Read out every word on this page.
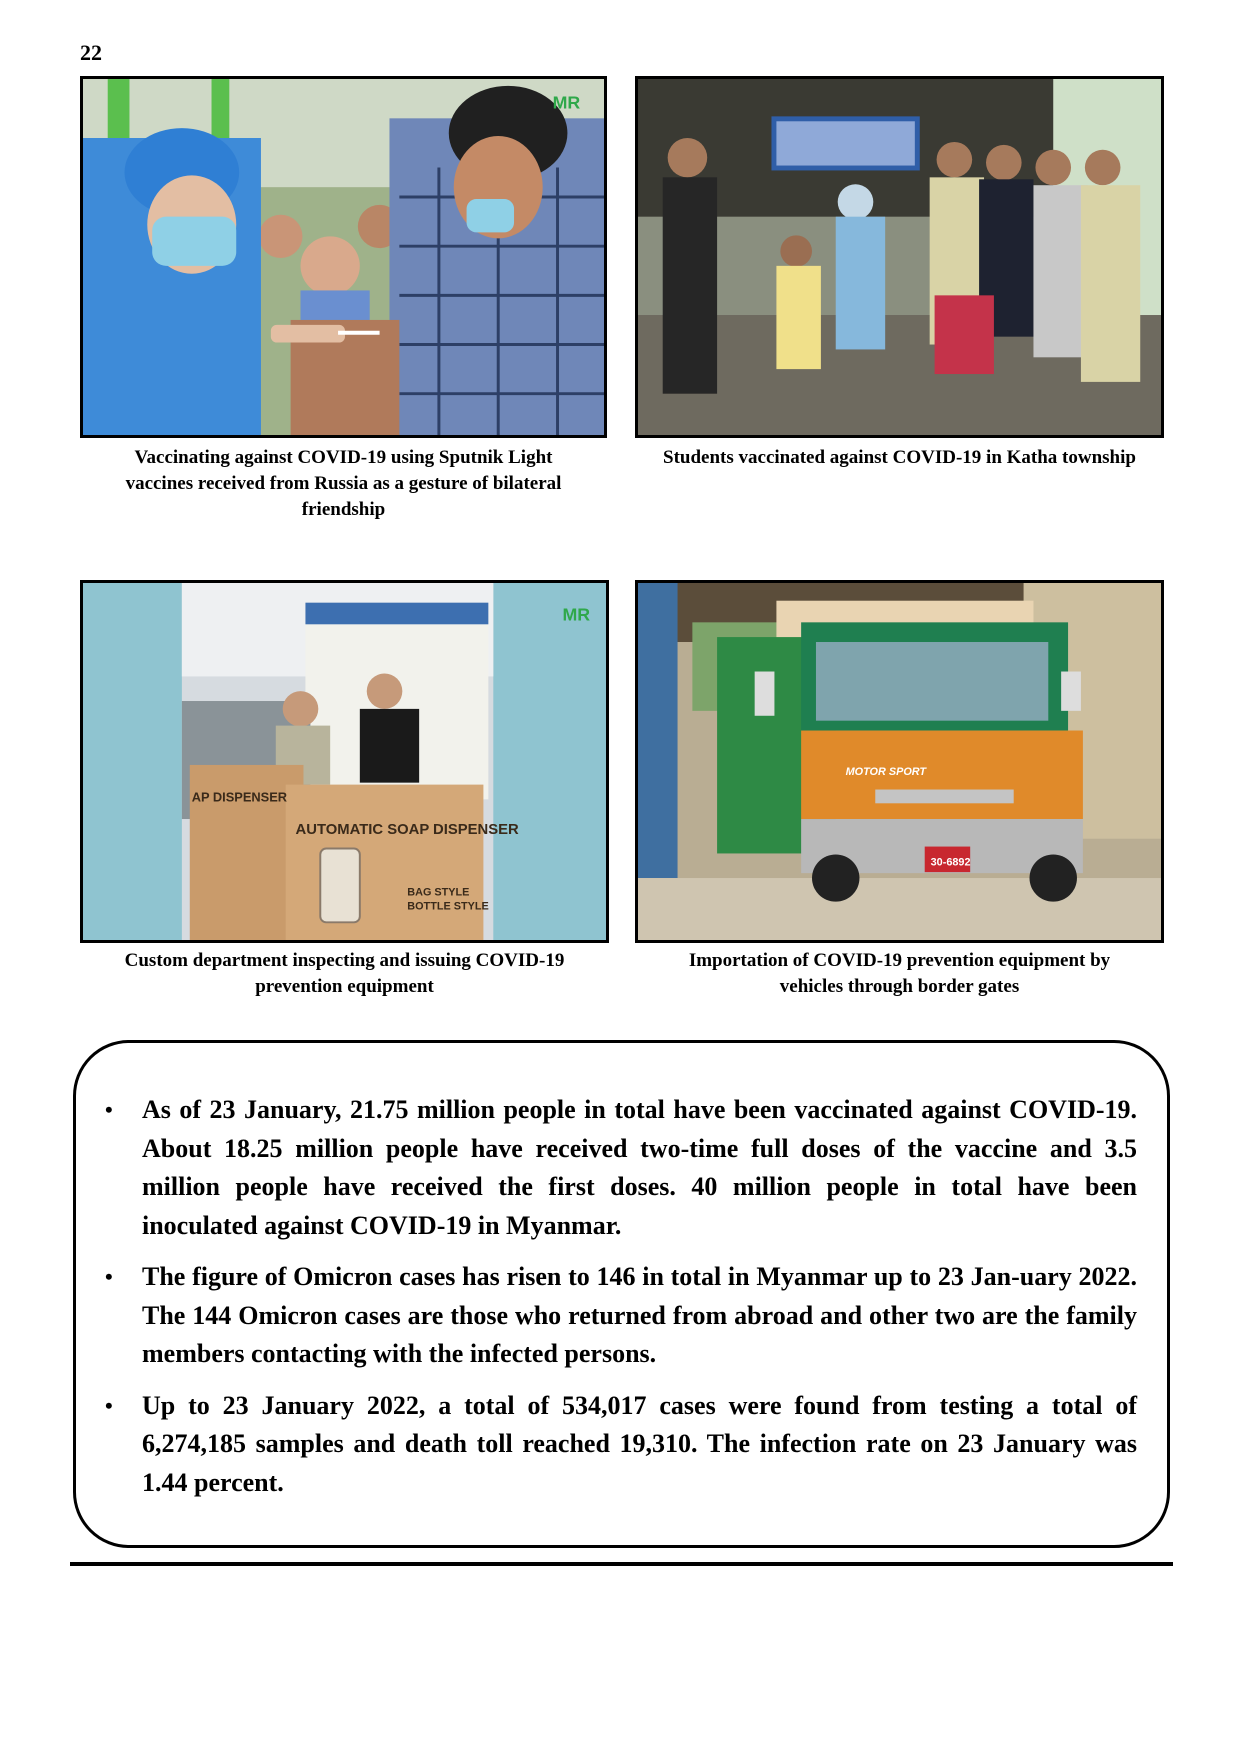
22
MR
Vaccinating against COVID-19 using Sputnik Light vaccines received from Russia as a gesture of bilateral friendship
Students vaccinated against COVID-19 in Katha township
AUTOMATIC SOAP DISPENSER
AP DISPENSER
BAG STYLE
BOTTLE STYLE
MR
Custom department inspecting and issuing COVID-19 prevention equipment
MOTOR SPORT
30-6892
Importation of COVID-19 prevention equipment by vehicles through border gates
• As of 23 January, 21.75 million people in total have been vaccinated against COVID-19. About 18.25 million people have received two-time full doses of the vaccine and 3.5 million people have received the first doses. 40 million people in total have been inoculated against COVID-19 in Myanmar.
• The figure of Omicron cases has risen to 146 in total in Myanmar up to 23 Jan-uary 2022. The 144 Omicron cases are those who returned from abroad and other two are the family members contacting with the infected persons.
• Up to 23 January 2022, a total of 534,017 cases were found from testing a total of 6,274,185 samples and death toll reached 19,310. The infection rate on 23 January was 1.44 percent.
